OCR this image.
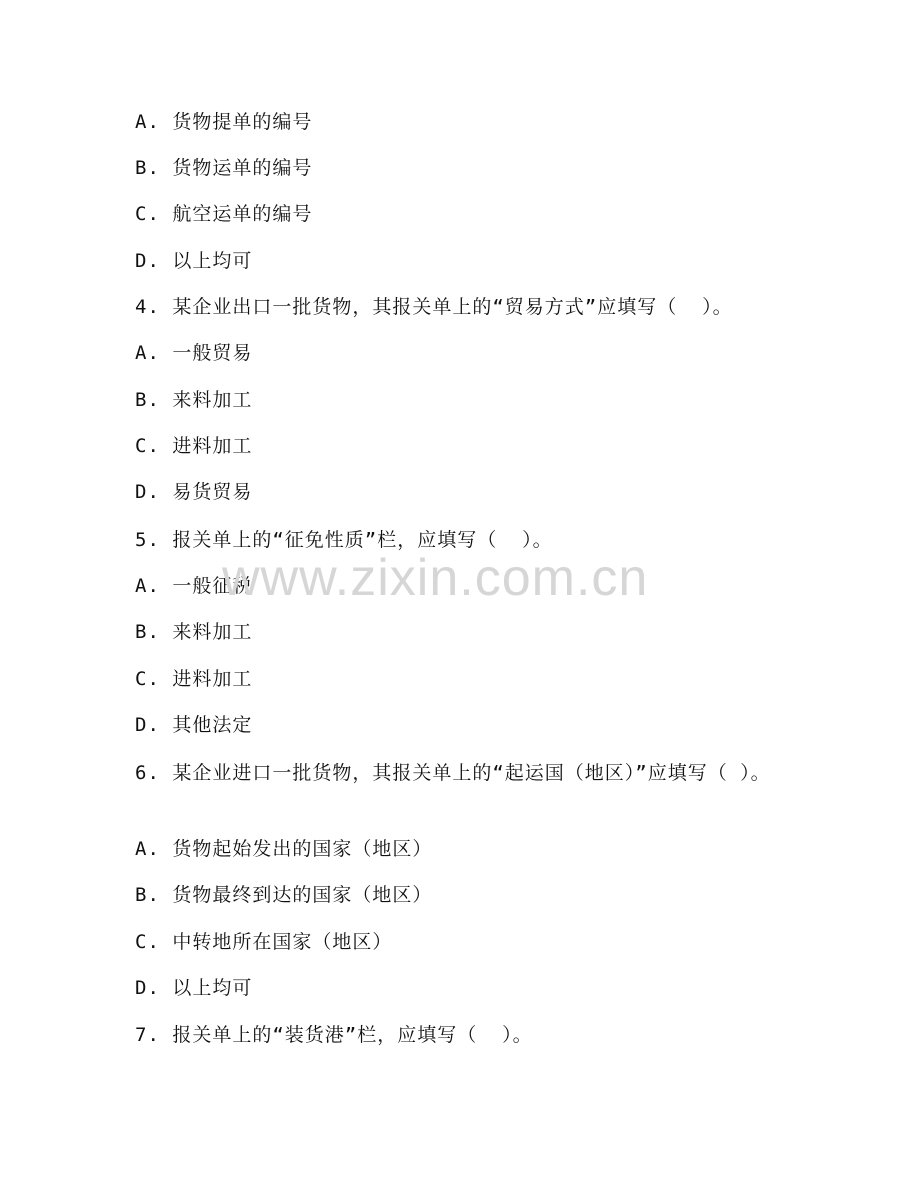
A. 货物提单的编号
B. 货物运单的编号
C. 航空运单的编号
D. 以上均可
4. 某企业出口一批货物，其报关单上的“贸易方式”应填写（  ）。
A. 一般贸易
B. 来料加工
C. 进料加工
D. 易货贸易
5. 报关单上的“征免性质”栏，应填写（  ）。
A. 一般征税
B. 来料加工
C. 进料加工
D. 其他法定
6. 某企业进口一批货物，其报关单上的“起运国（地区）”应填写（ ）。
A. 货物起始发出的国家（地区）
B. 货物最终到达的国家（地区）
C. 中转地所在国家（地区）
D. 以上均可
7. 报关单上的“装货港”栏，应填写（  ）。
www.zixin.com.cn
